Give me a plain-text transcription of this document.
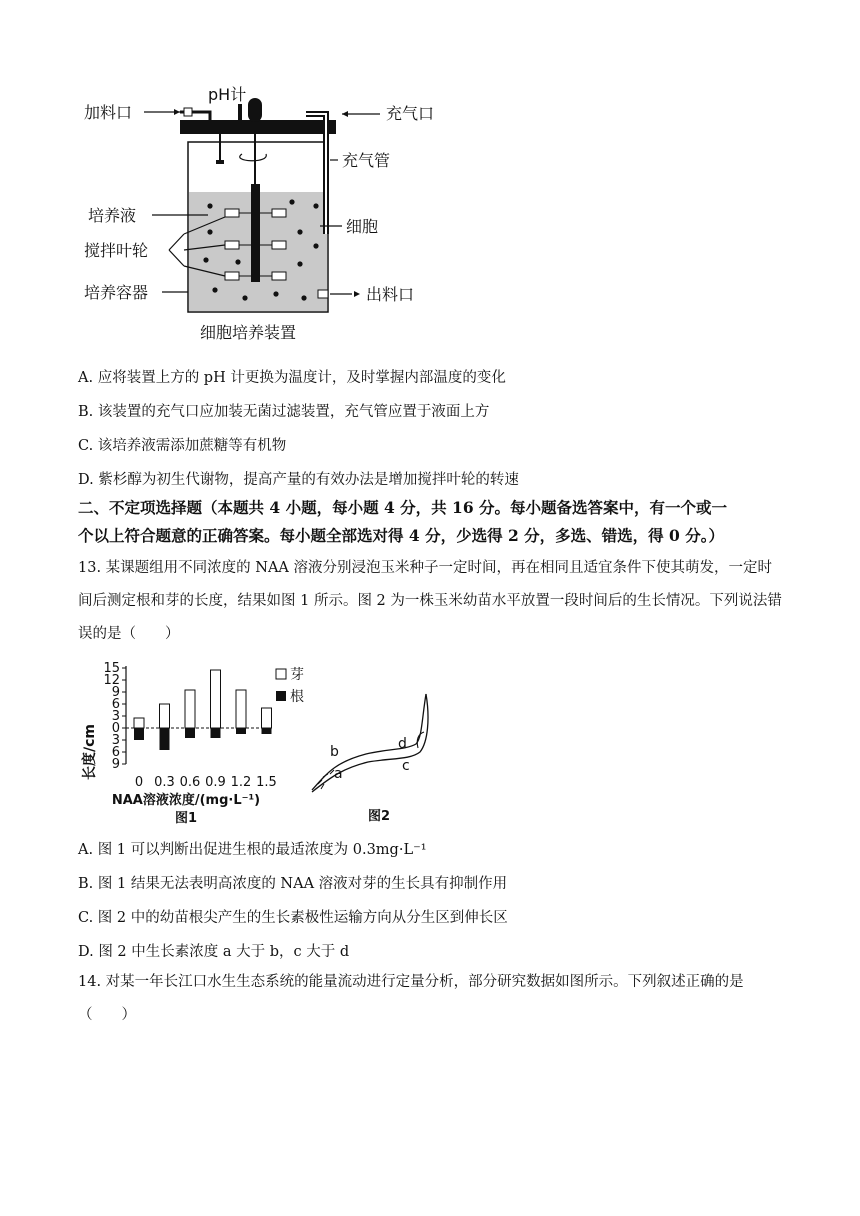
pH计
加料口	充气口
充气管
培养液
细胞
搅拌叶轮
培养容器	出料口
细胞培养装置
A. 应将装置上方的 pH 计更换为温度计，及时掌握内部温度的变化
B. 该装置的充气口应加装无菌过滤装置，充气管应置于液面上方
C. 该培养液需添加蔗糖等有机物
D. 紫杉醇为初生代谢物，提高产量的有效办法是增加搅拌叶轮的转速
二、不定项选择题（本题共 4 小题，每小题 4 分，共 16 分。每小题备选答案中，有一个或一
个以上符合题意的正确答案。每小题全部选对得 4 分，少选得 2 分，多选、错选，得 0 分。）
13. 某课题组用不同浓度的 NAA 溶液分别浸泡玉米种子一定时间，再在相同且适宜条件下使其萌发，一定时间后测定根和芽的长度，结果如图 1 所示。图 2 为一株玉米幼苗水平放置一段时间后的生长情况。下列说法错误的是（　　）
15
12
9
6
3
0
3
6
9
0 0.3 0.6 0.9 1.2 1.5
长度/cm
NAA溶液浓度/(mg·L⁻¹)
图1
芽
根
b
a
d
c
图2
A. 图 1 可以判断出促进生根的最适浓度为 0.3mg·L⁻¹
B. 图 1 结果无法表明高浓度的 NAA 溶液对芽的生长具有抑制作用
C. 图 2 中的幼苗根尖产生的生长素极性运输方向从分生区到伸长区
D. 图 2 中生长素浓度 a 大于 b，c 大于 d
14. 对某一年长江口水生生态系统的能量流动进行定量分析，部分研究数据如图所示。下列叙述正确的是（　　）
